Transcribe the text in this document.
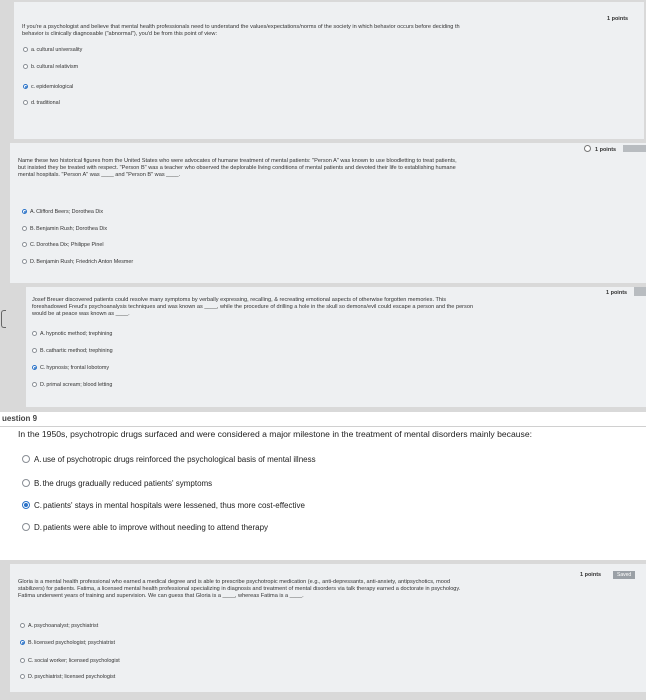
1 points
If you're a psychologist and believe that mental health professionals need to understand the values/expectations/norms of the society in which behavior occurs before deciding th
behavior is clinically diagnosable ("abnormal"), you'd be from this point of view:
a. cultural universality
b. cultural relativism
c. epidemiological
d. traditional
1 points
Name these two historical figures from the United States who were advocates of humane treatment of mental patients: "Person A" was known to use bloodletting to treat patients,
but insisted they be treated with respect. "Person B" was a teacher who observed the deplorable living conditions of mental patients and devoted their life to establishing humane
mental hospitals. "Person A" was ____ and "Person B" was ____.
A. Clifford Beers; Dorothea Dix
B. Benjamin Rush; Dorothea Dix
C. Dorothea Dix; Philippe Pinel
D. Benjamin Rush; Friedrich Anton Mesmer
1 points
Josef Breuer discovered patients could resolve many symptoms by verbally expressing, recalling, & recreating emotional aspects of otherwise forgotten memories. This
foreshadowed Freud's psychoanalysis techniques and was known as ____, while the procedure of drilling a hole in the skull so demons/evil could escape a person and the person
would be at peace was known as ____.
A. hypnotic method; trephining
B. cathartic method; trephining
C. hypnosis; frontal lobotomy
D. primal scream; blood letting
uestion 9
In the 1950s, psychotropic drugs surfaced and were considered a major milestone in the treatment of mental disorders mainly because:
A. use of psychotropic drugs reinforced the psychological basis of mental illness
B. the drugs gradually reduced patients' symptoms
C. patients' stays in mental hospitals were lessened, thus more cost-effective
D. patients were able to improve without needing to attend therapy
1 points	Saved
Gloria is a mental health professional who earned a medical degree and is able to prescribe psychotropic medication (e.g., anti-depressants, anti-anxiety, antipsychotics, mood
stabilizers) for patients. Fatima, a licensed mental health professional specializing in diagnosis and treatment of mental disorders via talk therapy earned a doctorate in psychology.
Fatima underwent years of training and supervision. We can guess that Gloria is a ____, whereas Fatima is a ____.
A. psychoanalyst; psychiatrist
B. licensed psychologist; psychiatrist
C. social worker; licensed psychologist
D. psychiatrist; licensed psychologist
